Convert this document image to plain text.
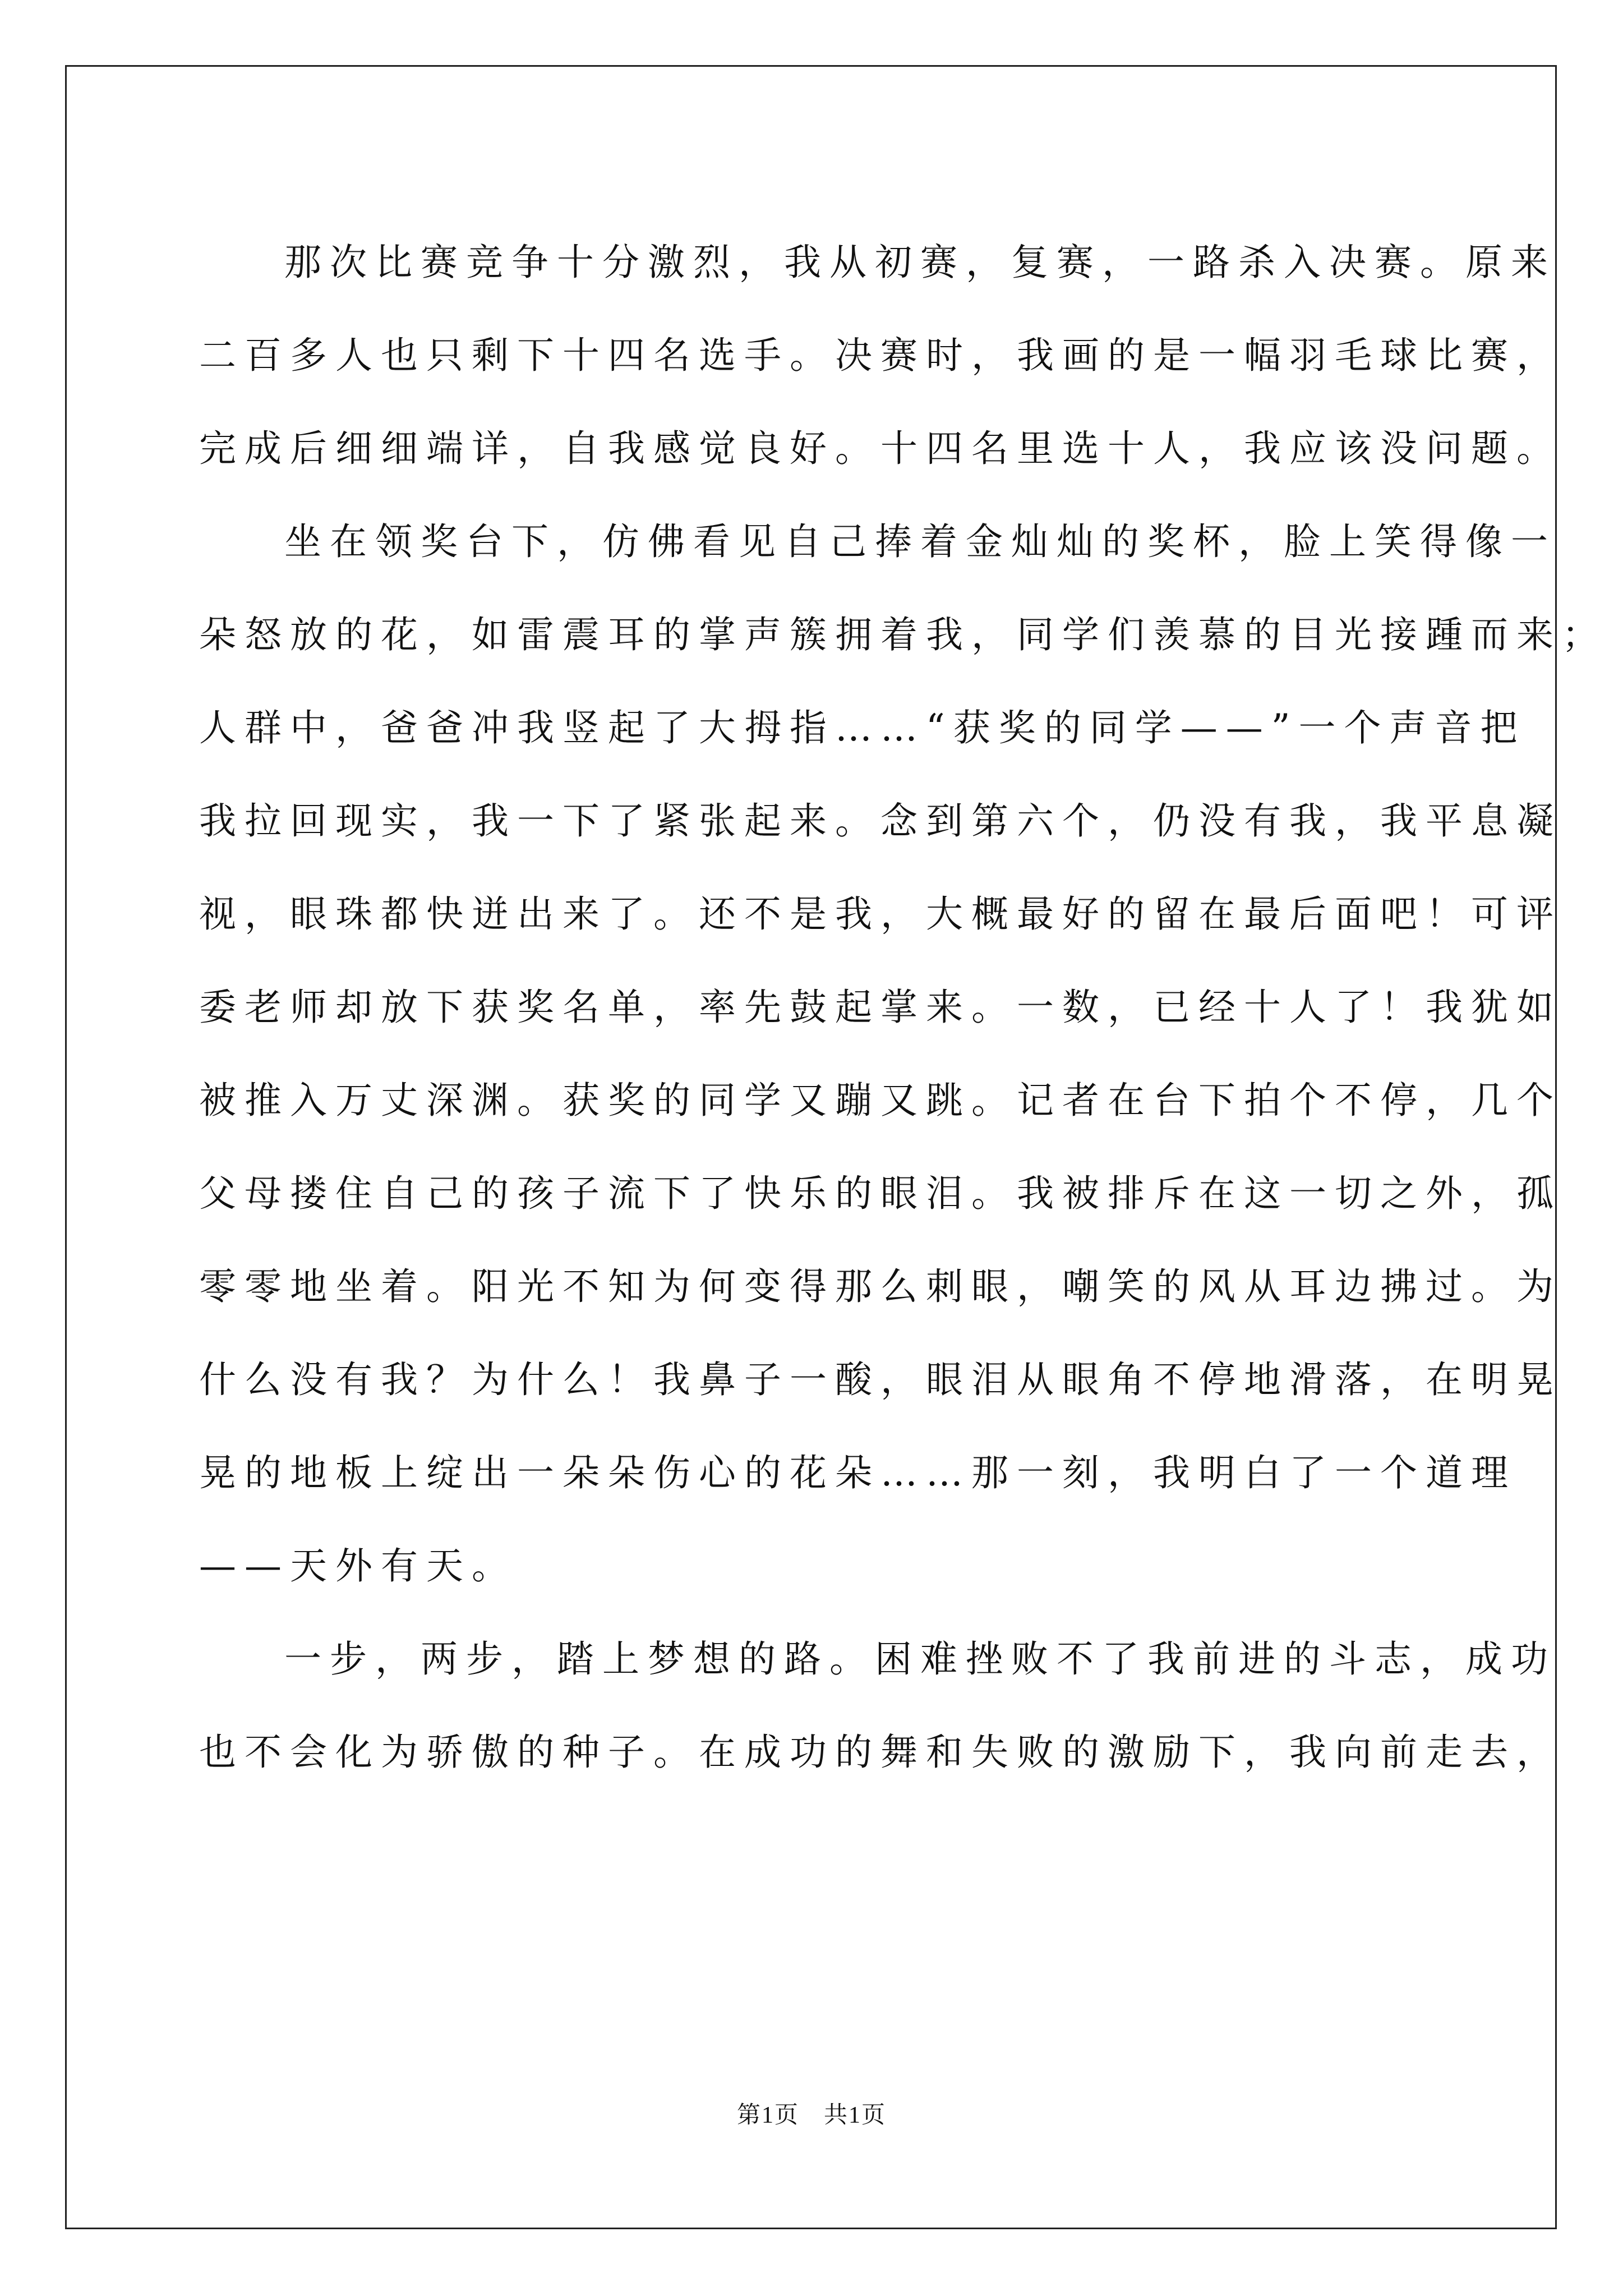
那次比赛竞争十分激烈，我从初赛，复赛，一路杀入决赛。原来
二百多人也只剩下十四名选手。决赛时，我画的是一幅羽毛球比赛，
完成后细细端详，自我感觉良好。十四名里选十人，我应该没问题。
坐在领奖台下，仿佛看见自己捧着金灿灿的奖杯，脸上笑得像一
朵怒放的花，如雷震耳的掌声簇拥着我，同学们羡慕的目光接踵而来；
人群中，爸爸冲我竖起了大拇指……“获奖的同学——”一个声音把
我拉回现实，我一下了紧张起来。念到第六个，仍没有我，我平息凝
视，眼珠都快迸出来了。还不是我，大概最好的留在最后面吧！可评
委老师却放下获奖名单，率先鼓起掌来。一数，已经十人了！我犹如
被推入万丈深渊。获奖的同学又蹦又跳。记者在台下拍个不停，几个
父母搂住自己的孩子流下了快乐的眼泪。我被排斥在这一切之外，孤
零零地坐着。阳光不知为何变得那么刺眼，嘲笑的风从耳边拂过。为
什么没有我？为什么！我鼻子一酸，眼泪从眼角不停地滑落，在明晃
晃的地板上绽出一朵朵伤心的花朵……那一刻，我明白了一个道理
——天外有天。
一步，两步，踏上梦想的路。困难挫败不了我前进的斗志，成功
也不会化为骄傲的种子。在成功的舞和失败的激励下，我向前走去，
第1页　共1页
